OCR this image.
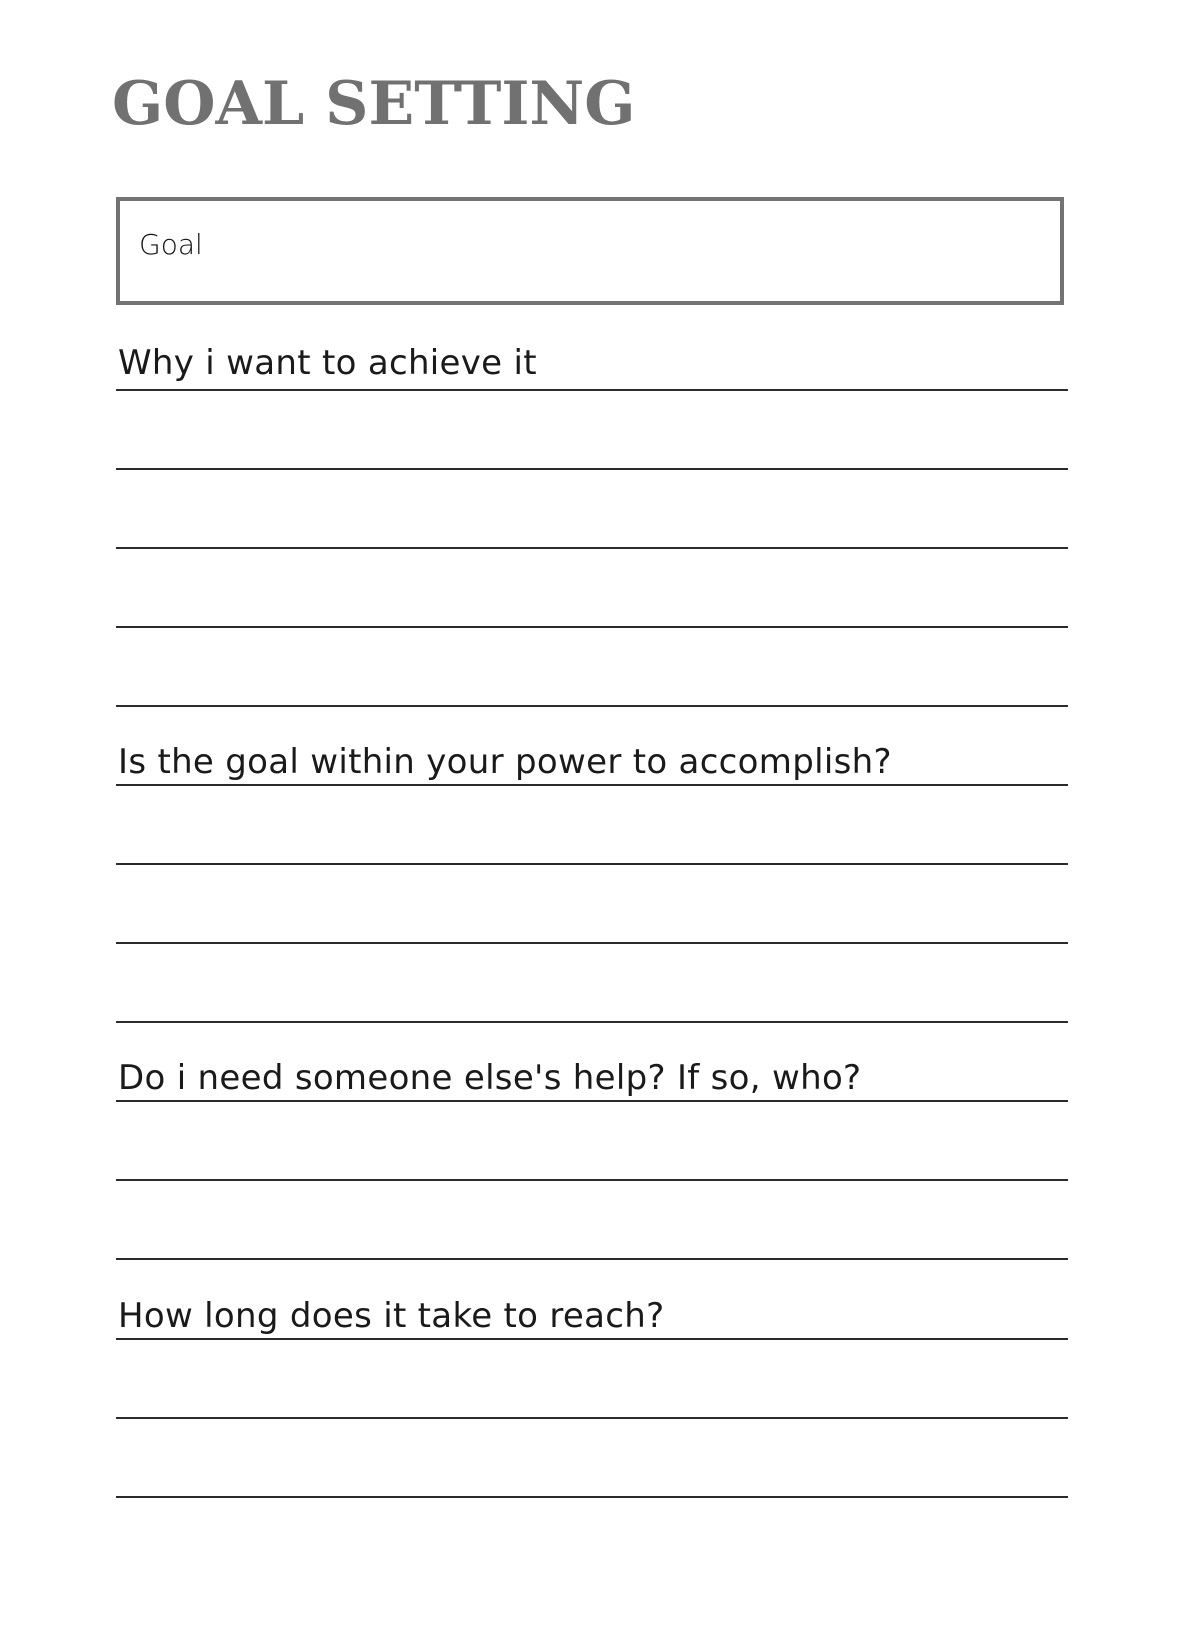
GOAL SETTING
Goal
Why i want to achieve it
Is the goal within your power to accomplish?
Do i need someone else's help? If so, who?
How long does it take to reach?
